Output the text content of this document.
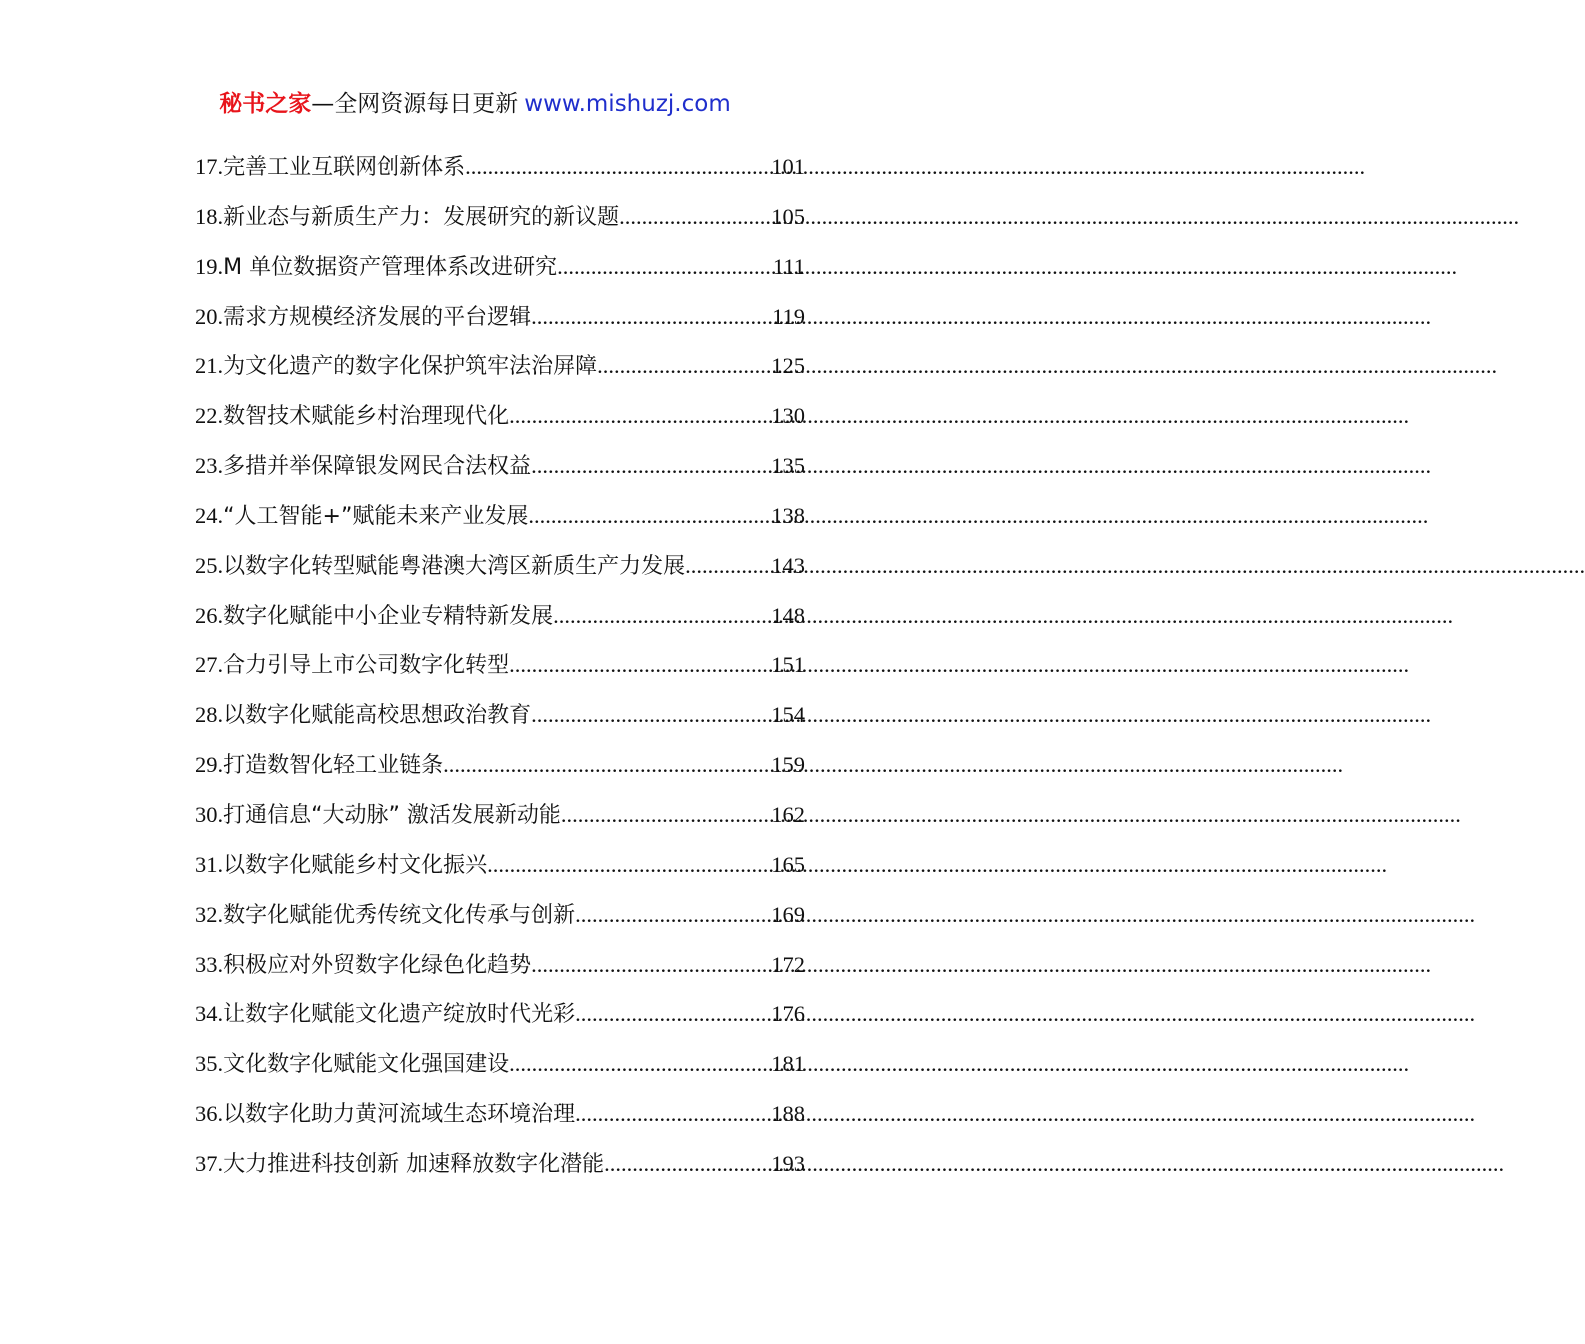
秘书之家—全网资源每日更新 www.mishuzj.com
17.完善工业互联网创新体系 .....	101
18.新业态与新质生产力：发展研究的新议题 .....	105
19.M 单位数据资产管理体系改进研究 .....	111
20.需求方规模经济发展的平台逻辑 .....	119
21.为文化遗产的数字化保护筑牢法治屏障 .....	125
22.数智技术赋能乡村治理现代化 .....	130
23.多措并举保障银发网民合法权益 .....	135
24.“人工智能+”赋能未来产业发展 .....	138
25.以数字化转型赋能粤港澳大湾区新质生产力发展 .....	143
26.数字化赋能中小企业专精特新发展 .....	148
27.合力引导上市公司数字化转型 .....	151
28.以数字化赋能高校思想政治教育 .....	154
29.打造数智化轻工业链条 .....	159
30.打通信息“大动脉” 激活发展新动能 .....	162
31.以数字化赋能乡村文化振兴 .....	165
32.数字化赋能优秀传统文化传承与创新 .....	169
33.积极应对外贸数字化绿色化趋势 .....	172
34.让数字化赋能文化遗产绽放时代光彩 .....	176
35.文化数字化赋能文化强国建设 .....	181
36.以数字化助力黄河流域生态环境治理 .....	188
37.大力推进科技创新 加速释放数字化潜能 .....	193
